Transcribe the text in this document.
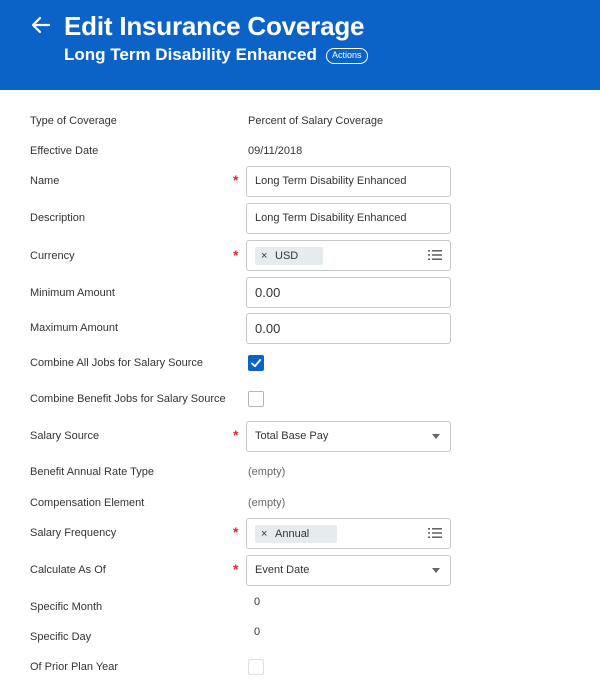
Edit Insurance Coverage
Long Term Disability Enhanced	Actions
Type of Coverage	Percent of Salary Coverage
Effective Date	09/11/2018
Name	*	Long Term Disability Enhanced
Description	Long Term Disability Enhanced
Currency	*	× USD
Minimum Amount	0.00
Maximum Amount	0.00
Combine All Jobs for Salary Source
Combine Benefit Jobs for Salary Source
Salary Source	*	Total Base Pay
Benefit Annual Rate Type	(empty)
Compensation Element	(empty)
Salary Frequency	*	× Annual
Calculate As Of	*	Event Date
Specific Month	0
Specific Day	0
Of Prior Plan Year
